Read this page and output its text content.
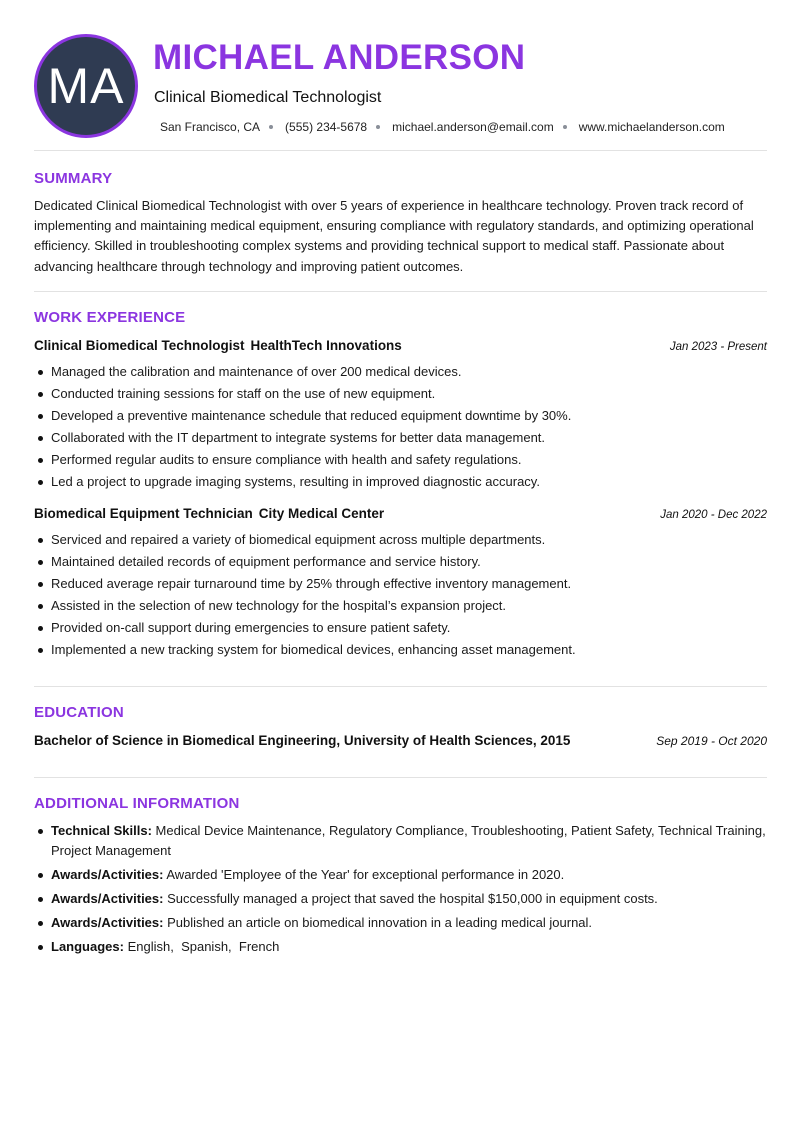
MA
MICHAEL ANDERSON
Clinical Biomedical Technologist
San Francisco, CA (555) 234-5678 michael.anderson@email.com www.michaelanderson.com
SUMMARY
Dedicated Clinical Biomedical Technologist with over 5 years of experience in healthcare technology. Proven track record of implementing and maintaining medical equipment, ensuring compliance with regulatory standards, and optimizing operational efficiency. Skilled in troubleshooting complex systems and providing technical support to medical staff. Passionate about advancing healthcare through technology and improving patient outcomes.
WORK EXPERIENCE
Clinical Biomedical Technologist HealthTech Innovations	Jan 2023 - Present
Managed the calibration and maintenance of over 200 medical devices.
Conducted training sessions for staff on the use of new equipment.
Developed a preventive maintenance schedule that reduced equipment downtime by 30%.
Collaborated with the IT department to integrate systems for better data management.
Performed regular audits to ensure compliance with health and safety regulations.
Led a project to upgrade imaging systems, resulting in improved diagnostic accuracy.
Biomedical Equipment Technician City Medical Center	Jan 2020 - Dec 2022
Serviced and repaired a variety of biomedical equipment across multiple departments.
Maintained detailed records of equipment performance and service history.
Reduced average repair turnaround time by 25% through effective inventory management.
Assisted in the selection of new technology for the hospital’s expansion project.
Provided on-call support during emergencies to ensure patient safety.
Implemented a new tracking system for biomedical devices, enhancing asset management.
EDUCATION
Bachelor of Science in Biomedical Engineering, University of Health Sciences, 2015	Sep 2019 - Oct 2020
ADDITIONAL INFORMATION
Technical Skills: Medical Device Maintenance, Regulatory Compliance, Troubleshooting, Patient Safety, Technical Training, Project Management
Awards/Activities: Awarded 'Employee of the Year' for exceptional performance in 2020.
Awards/Activities: Successfully managed a project that saved the hospital $150,000 in equipment costs.
Awards/Activities: Published an article on biomedical innovation in a leading medical journal.
Languages: English,  Spanish,  French
